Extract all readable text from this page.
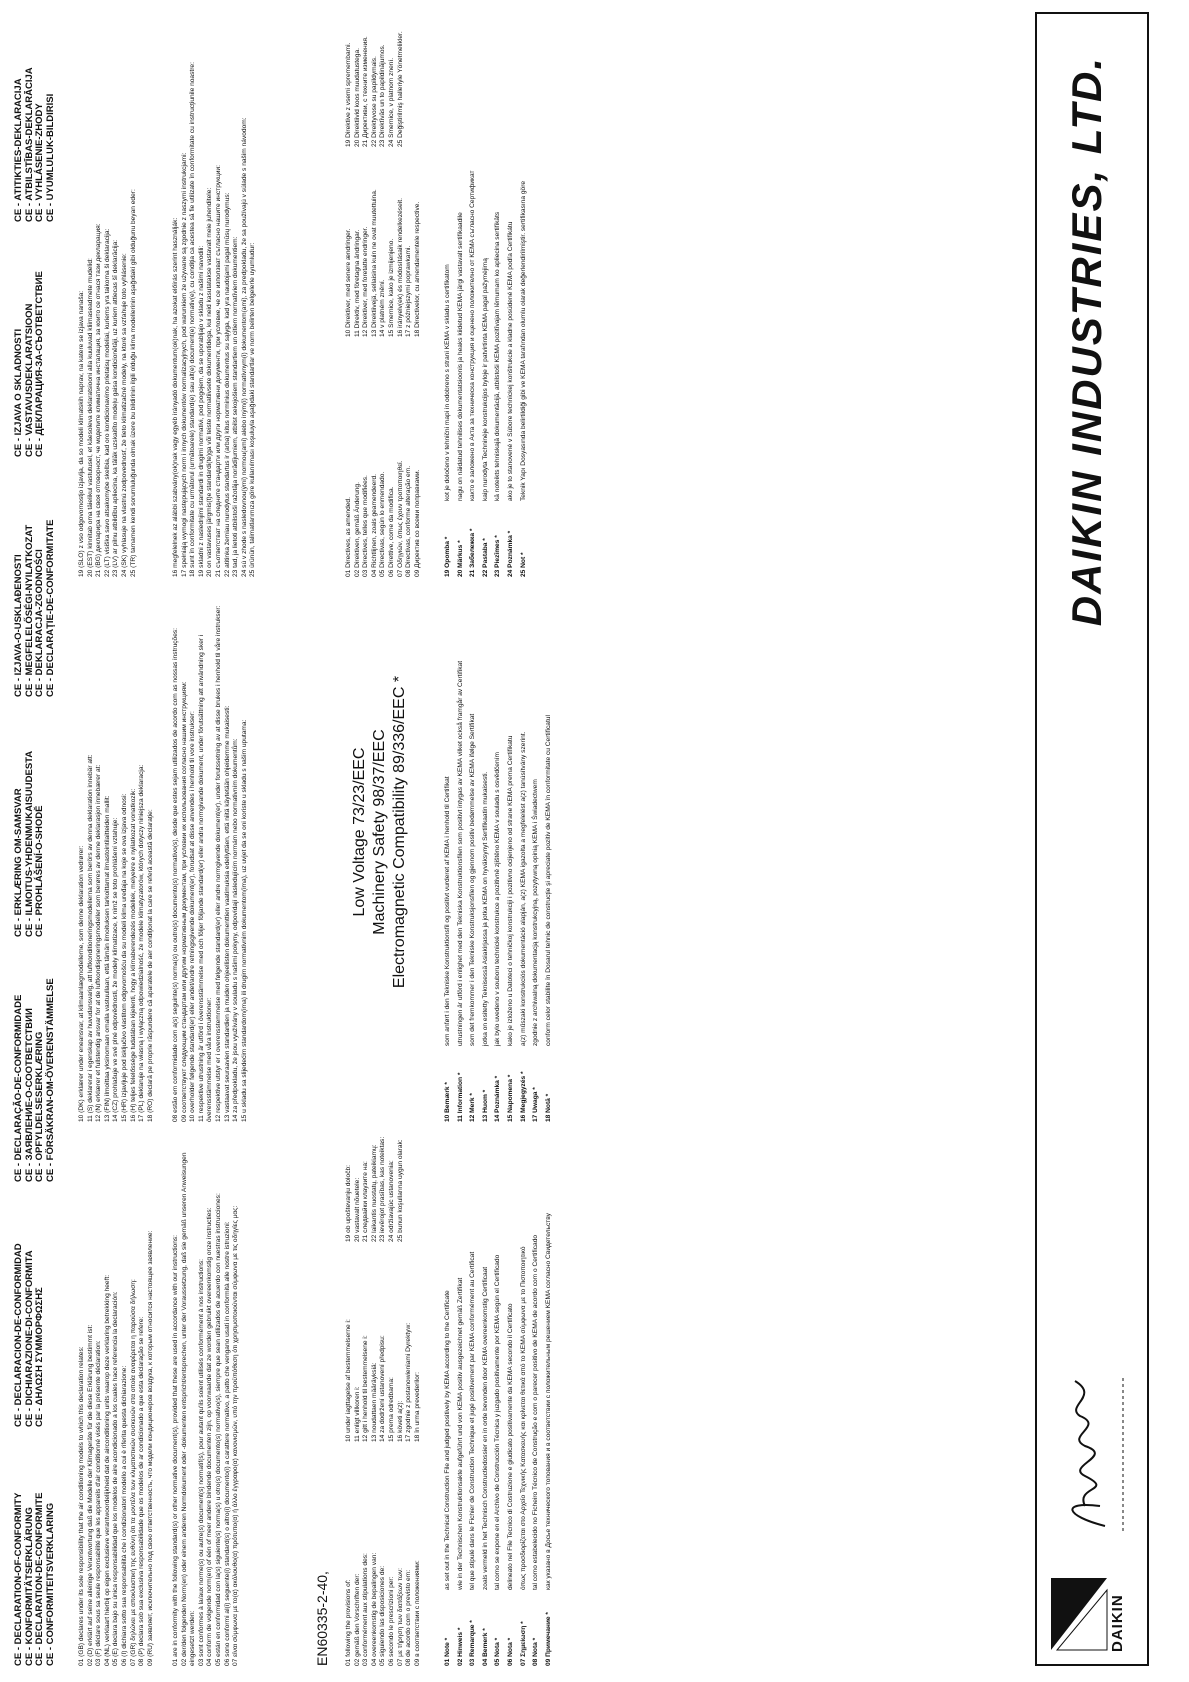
CE - DECLARATION-OF-CONFORMITY CE - KONFORMITÄTSERKLÄRUNG CE - DECLARATION-DE-CONFORMITE CE - CONFORMITEITSVERKLARING
CE - DECLARACION-DE-CONFORMIDAD CE - DICHIARAZIONE-DI-CONFORMITA CE - ΔΗΛΩΣΗ ΣΥΜΜΟΡΦΩΣΗΣ
CE - DECLARAÇÃO-DE-CONFORMIDADE CE - ЗАЯВЛЕНИЕ-О-СООТВЕТСТВИИ CE - OPFYLDELSESERKLÆRING CE - FÖRSÄKRAN-OM-ÖVERENSTÄMMELSE
CE - ERKLÆRING OM-SAMSVAR CE - ILMOITUS-YHDENMUKAISUUDESTA CE - PROHLÁŠENÍ-O-SHODĚ
CE - IZJAVA-O-USKLAĐENOSTI CE - MEGFELELŐSÉGI-NYILATKOZAT CE - DEKLARACJA-ZGODNOŚCI CE - DECLARAŢIE-DE-CONFORMITATE
CE - IZJAVA O SKLADNOSTI CE - VASTAVUSDEKLARATSIOON CE - ДЕКЛАРАЦИЯ-ЗА-СЪОТВЕТСТВИЕ
CE - ATITIKTIES-DEKLARACIJA CE - ATBILSTĪBAS-DEKLARĀCIJA CE - VYHLÁSENIE-ZHODY CE - UYUMLULUK-BILDIRISI
01 (GB) declares under its sole responsibility that the air conditioning models to which this declaration relates: 02 (D) erklärt auf seine alleinige Verantwortung daß die Modelle der Klimageräte für die diese Erklärung bestimmt ist: 03 (F) déclare sous sa seule responsabilité que les appareils d'air conditionné visés par la présente déclaration: 04 (NL) verklaart hierbij op eigen exclusieve verantwoordelijkheid dat de airconditioning units waarop deze verklaring betrekking heeft: 05 (E) declara bajo su única responsabilidad que los modelos de aire acondicionado a los cuales hace referencia la declaración: 06 (I) dichiara sotto sua responsabilità che i condizionatori modello a cui è riferita questa dichiarazione: 07 (GR) δηλώνει με αποκλειστική της ευθύνη ότι τα μοντέλα των κλιματιστικών συσκευών στα οποία αναφέρεται η παρούσα δήλωση: 08 (P) declara sob sua exclusiva responsabilidade que os modelos de ar condicionado a que esta declaração se refere: 09 (RU) заявляет, исключительно под свою ответственность, что модели кондиционеров воздуха, к которым относится настоящее заявление:
10 (DK) erklærer under eneansvar, at klimaanlægmodellerne, som denne deklaration vedrører: 11 (S) deklarerar i egenskap av huvudansvarig, att luftkonditioneringsmodellerna som berörs av denna deklaration innebär att: 12 (N) erklærer et fullstendig ansvar for at de luftkondisjoneringsmodeller som berøres av denne deklarasjon innebærer at: 13 (FIN) ilmoittaa yksinomaan omalla vastuullaan, että tämän ilmoituksen tarkoittamat ilmastointilaitteiden mallit: 14 (CZ) prohlašuje ve své plné odpovědnosti, že modely klimatizace, k nimž se toto prohlášení vztahuje: 15 (HR) izjavljuje pod isključivo vlastitom odgovornošću da su modeli klima uređaja na koje se ova izjava odnosi: 16 (H) teljes felelőssége tudatában kijelenti, hogy a klímaberendezés modellek, melyekre e nyilatkozat vonatkozik: 17 (PL) deklaruje na własną i wyłączną odpowiedzialność, że modele klimatyzatorów, których dotyczy niniejsza deklaracja: 18 (RO) declară pe proprie răspundere că aparatele de aer condiţionat la care se referă această declaraţie:
19 (SLO) z vso odgovornostjo izjavlja, da so modeli klimatskih naprav, na katere se izjava nanaša: 20 (EST) kinnitab oma täielikul vastutusel, et käesoleva deklaratsiooni alla kuuluvad kliimaseadmete mudelid: 21 (BG) декларира на своя отговорност, че моделите климатична инсталация, за които се отнася тази декларация: 22 (LT) visiška savo atsakomybe skelbia, kad oro kondicionavimo prietaisų modeliai, kuriems yra taikoma ši deklaracija: 23 (LV) ar pilnu atbildību apliecina, ka tālāk uzskaitīto modeļu gaisa kondicionētāji, uz kuriem attiecas šī deklarācija: 24 (SK) vyhlasuje na vlastnú zodpovednosť, že tieto klimatizačné modely, na ktoré sa vzťahuje toto vyhlásenie: 25 (TR) tamamen kendi sorumluluğunda olmak üzere bu bildirinin ilgili olduğu klima modellerinin aşağıdaki gibi olduğunu beyan eder:
01 are in conformity with the following standard(s) or other normative document(s), provided that these are used in accordance with our instructions: 02 der/den folgenden Norm(en) oder einem anderen Normdokument oder -dokumenten entspricht/entsprechen, unter der Voraussetzung, daß sie gemäß unseren Anweisungen eingesetzt werden: 03 sont conformes à la/aux norme(s) ou autre(s) document(s) normatif(s), pour autant qu'ils soient utilisés conformément à nos instructions: 04 conform de volgende norm(en) of één of meer andere bindende documenten zijn, op voorwaarde dat ze worden gebruikt overeenkomstig onze instructies: 05 están en conformidad con la(s) siguiente(s) norma(s) u otro(s) documento(s) normativo(s), siempre que sean utilizados de acuerdo con nuestras instrucciones: 06 sono conformi al(i) seguente(i) standard(s) o altro(i) documento(i) a carattere normativo, a patto che vengano usati in conformità alle nostre istruzioni: 07 είναι σύμφωνα με το(α) ακόλουθο(α) πρότυπο(α) ή άλλο έγγραφο(α) κανονισμών, υπό την προϋπόθεση ότι χρησιμοποιούνται σύμφωνα με τις οδηγίες μας:
08 estão em conformidade com a(s) seguinte(s) norma(s) ou outro(s) documento(s) normativo(s), desde que estes sejam utilizados de acordo com as nossas instruções: 09 соответствуют следующим стандартам или другим нормативным документам, при условии их использования согласно нашим инструкциям: 10 overholder følgende standard(er) eller andet/andre retningsgivende dokument(er), forudsat at disse anvendes i henhold til vore instrukser: 11 respektive utrustning är utförd i överensstämmelse med och följer följande standard(er) eller andra normgivande dokument, under förutsättning att användning sker i överensstämmelse med våra instruktioner: 12 respektive utstyr er i overensstemmelse med følgende standard(er) eller andre normgivende dokument(er), under forutssetning av at disse brukes i henhold til våre instrukser: 13 vastaavat seuraavien standardien ja muiden ohjeellisten dokumenttien vaatimuksia edellyttäen, että niitä käytetään ohjeidemme mukaisesti: 14 za předpokladu, že jsou využívány v souladu s našimi pokyny, odpovídají následujícím normám nebo normativním dokumentům: 15 u skladu sa slijedećim standardom(ima) ili drugim normativnim dokumentom(ima), uz uvjet da se oni koriste u skladu s našim uputama:
16 megfelelnek az alábbi szabvány(ok)nak vagy egyéb irányadó dokumentum(ok)nak, ha azokat előírás szerint használják: 17 spełniają wymogi następujących norm i innych dokumentów normalizacyjnych, pod warunkiem że używane są zgodnie z naszymi instrukcjami: 18 sunt în conformitate cu următorul (următoarele) standard(e) sau alt(e) document(e) normativ(e), cu condiţia ca acestea să fie utilizate în conformitate cu instrucţiunile noastre: 19 skladni z naslednjimi standardi in drugimi normativi, pod pogojem, da se uporabljajo v skladu z našimi navodili: 20 on vastavuses järgmis(t)e standardi(te)ga või teiste normatiivsete dokumentidega, kui neid kasutatakse vastavalt meie juhenditele: 21 съответстват на следните стандарти или други нормативни документи, при условие, че се използват съгласно нашите инструкции: 22 atitinka žemiau nurodytus standartus ir (arba) kitus norminius dokumentus su sąlyga, kad yra naudojami pagal mūsų nurodymus: 23 tad, ja lietoti atbilstoši ražotāja norādījumiem, atbilst sekojošiem standartiem un citiem normatīviem dokumentiem: 24 sú v zhode s nasledovnou(ými) normou(ami) alebo iným(i) normatívnym(i) dokumentom(ami), za predpokladu, že sa používajú v súlade s našim návodom: 25 ürünün, talimatlarımıza göre kullanılması koşuluyla aşağıdaki standartlar ve norm belirten belgelerle uyumludur:
EN60335-2-40, 01 following the provisions of: 02 gemäß den Vorschriften der: 03 conformément aux stipulations des: 04 overeenkomstig de bepalingen van: 05 siguiendo las disposiciones de: 06 secondo le prescrizioni per: 07 με τήρηση των διατάξεων των: 08 de acordo com o previsto em: 09 в соответствии с положениями:
10 under iagttagelse af bestemmelserne i: 11 enligt villkoren i: 12 gitt i henhold til bestemmelsene i: 13 noudattaen määräyksiä: 14 za dodržení ustanovení předpisu: 15 prema odredbama: 16 követi a(z): 17 zgodnie z postanowieniami Dyrektyw: 18 în urma prevederilor:
19 ob upoštevanju določb: 20 vastavalt nõuetele: 21 следвайки клаузите на: 22 laikantis nuostatų, pateikiamų: 23 ievērojot prasības, kas noteiktas: 24 održiavajúc ustanovenia: 25 bunun koşullarına uygun olarak:
Low Voltage 73/23/EEC Machinery Safety 98/37/EEC Electromagnetic Compatibility 89/336/EEC *
01 Directives, as amended. 02 Direktiven, gemäß Änderung. 03 Directives, telles que modifiées. 04 Richtlijnen, zoals geamendeerd. 05 Directivas, según lo enmendado. 06 Direttive, come da modifica. 07 Οδηγιών, όπως έχουν τροποποιηθεί. 08 Directivas, conforme alteração em. 09 Директив со всеми поправками.
10 Direktiver, med senere ændringer. 11 Direktiv, med företagna ändringar. 12 Direktiver, med foretatte endringer. 13 Direktiivejä, sellaisina kuin ne ovat muutettuina. 14 v platném znění. 15 Smernice, kako je izmijenjeno. 16 irányelv(ek) és módosításaik rendelkezéseit. 17 z późniejszymi poprawkami. 18 Directivelor, cu amendamentele respective.
19 Direktive z vsemi spremembami. 20 Direktiivid koos muudatustega. 21 Директиви, с техните изменения. 22 Direktyvose su papildymais. 23 Direktīvās un to papildinājumos. 24 Smernice, v platnom znení. 25 Değiştirilmiş halleriyle Yönetmelikler.
01 Note *
as set out in the Technical Construction File and judged positively by KEMA according to the Certificate
02 Hinweis *
wie in der Technischen Konstruktionsakte aufgeführt und von KEMA positiv ausgezeichnet gemäß Zertifikat
03 Remarque *
tel que stipulé dans le Fichier de Construction Technique et jugé positivement par KEMA conformément au Certificat
04 Bemerk *
zoals vermeld in het Technisch Constructiedossier en in orde bevonden door KEMA overeenkomstig Certificaat
05 Nota *
tal como se expone en el Archivo de Construcción Técnica y juzgado positivamente por KEMA según el Certificado
06 Nota *
delineato nel File Tecnico di Costruzione e giudicato positivamente da KEMA secondo il Certificato
07 Σημείωση *
όπως προσδιορίζεται στο Αρχείο Τεχνικής Κατασκευής και κρίνεται θετικά από το KEMA σύμφωνα με το Πιστοποιητικό
08 Nota *
tal como estabelecido no Ficheiro Técnico de Construção e com o parecer positivo de KEMA de acordo com o Certificado
09 Примечание *
как указано в Досье технического топования и в соответствии с положительным решением KEMA согласно Свидетельству
10 Bemærk *
som anført i den Tekniske Konstruktionsfil og positivt vurderet af KEMA i henhold til Certifikat
11 Information *
utrustningen är utförd i enlighet med den Tekniska Konstruktionsfilen som positivt intygas av KEMA vilket också framgår av Certifikat
12 Merk *
som det fremkommer i den Tekniske Konstruksjonsfilen og gjennom positiv bedømmelse av KEMA ifølge Sertifikat
13 Huom *
jotka on esitetty Teknisessä Asiakirjassa ja jotka KEMA on hyväksynyt Sertifikaatin mukaisesti.
14 Poznámka *
jak bylo uvedeno v souboru technické konstrukce a pozitivně zjištěno KEMA v souladu s osvědčením
15 Napomena *
kako je izloženo u Datoteci o tehničkoj konstrukciji i pozitivno ocijenjeno od strane KEMA prema Certifikatu
16 Megjegyzés *
a(z) műszaki konstrukciós dokumentáció alapján, a(z) KEMA igazolta a megfelelést a(z) tanúsítvány szerint.
17 Uwaga *
zgodnie z archiwalną dokumentacją konstrukcyjną, pozytywną opinią KEMA i Świadectwem
18 Notă *
conform celor stabilite în Dosarul tehnic de construcţie şi apreciate pozitiv de KEMA în conformitate cu Certificatul
19 Opomba *
kot je določeno v tehnični mapi in odobreno s strani KEMA v skladu s certifikatom
20 Märkus *
nagu on näidatud tehnilises dokumentatsioonis ja heaks kiidetud KEMA järgi vastavalt sertifikaadile
21 Забележка *
както е заложено в Акта за техническа конструкция и оценено положително от KEMA съгласно Сертификат
22 Pastaba *
kaip nurodyta Techninėje konstrukcijos byloje ir patvirtinta KEMA pagal pažymėjimą
23 Piezīmes *
kā noteikts tehniskajā dokumentācijā, atbilstoši KEMA pozitīvajam lēmumam ko apliecina sertifikāts
24 Poznámka *
ako je to stanovené v Súbore technickej konštrukcie a kladne posúdené KEMA podľa Certifikátu
25 Not *
Teknik Yapı Dosyasında belirtildiği gibi ve KEMA tarafından olumlu olarak değerlendirilmiştir. sertifikasına göre
DAIKIN
H. Murata
DAIKIN INDUSTRIES, LTD.
